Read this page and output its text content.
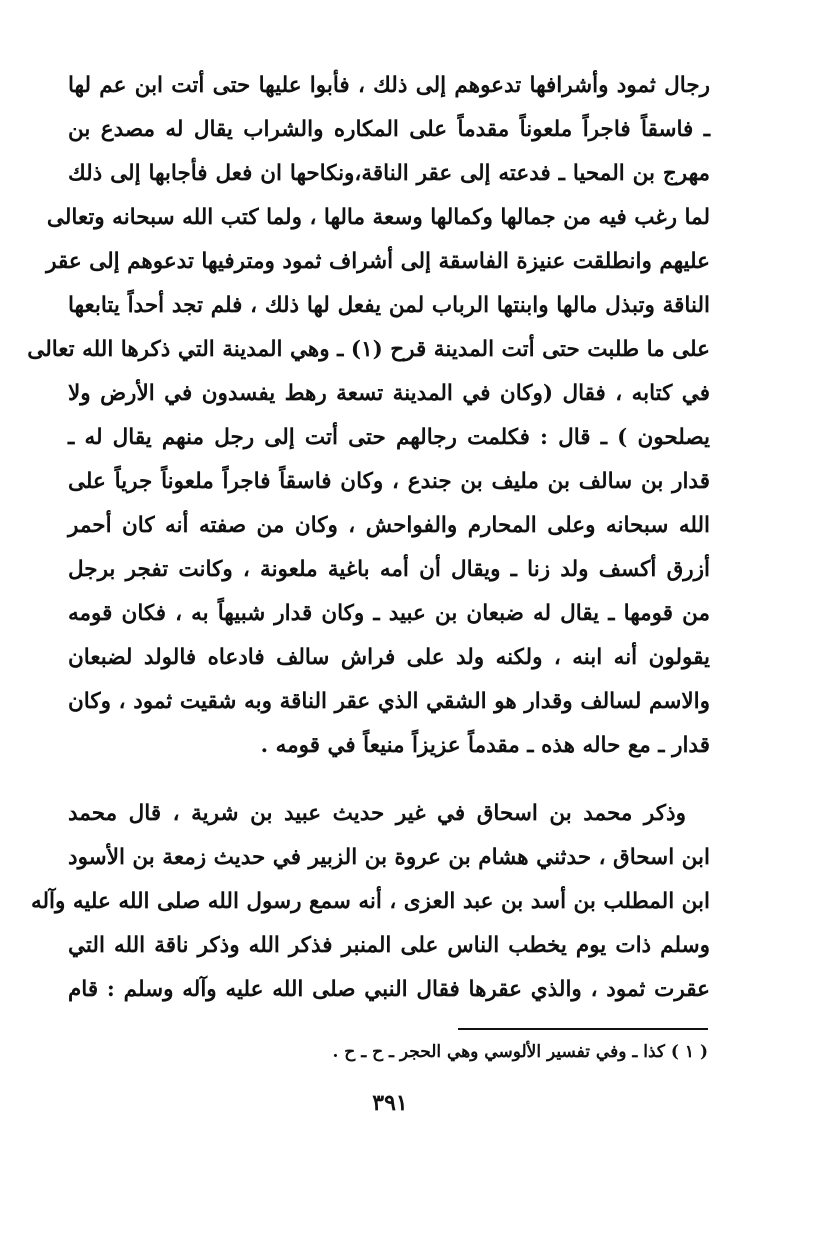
رجال ثمود وأشرافها تدعوهم إلى ذلك ، فأبوا عليها حتى أتت ابن عم لها
ـ فاسقاً فاجراً ملعوناً مقدماً على المكاره والشراب يقال له مصدع بن
مهرج بن المحيا ـ فدعته إلى عقر الناقة،ونكاحها ان فعل فأجابها إلى ذلك
لما رغب فيه من جمالها وكمالها وسعة مالها ، ولما كتب الله سبحانه وتعالى
عليهم وانطلقت عنيزة الفاسقة إلى أشراف ثمود ومترفيها تدعوهم إلى عقر
الناقة وتبذل مالها وابنتها الرباب لمن يفعل لها ذلك ، فلم تجد أحداً يتابعها
على ما طلبت حتى أتت المدينة قرح (١) ـ وهي المدينة التي ذكرها الله تعالى
في كتابه ، فقال (وكان في المدينة تسعة رهط يفسدون في الأرض ولا
يصلحون ) ـ قال : فكلمت رجالهم حتى أتت إلى رجل منهم يقال له ـ
قدار بن سالف بن مليف بن جندع ، وكان فاسقاً فاجراً ملعوناً جرياً على
الله سبحانه وعلى المحارم والفواحش ، وكان من صفته أنه كان أحمر
أزرق أكسف ولد زنا ـ ويقال أن أمه باغية ملعونة ، وكانت تفجر برجل
من قومها ـ يقال له ضبعان بن عبيد ـ وكان قدار شبيهاً به ، فكان قومه
يقولون أنه ابنه ، ولكنه ولد على فراش سالف فادعاه فالولد لضبعان
والاسم لسالف وقدار هو الشقي الذي عقر الناقة وبه شقيت ثمود ، وكان
قدار ـ مع حاله هذه ـ مقدماً عزيزاً منيعاً في قومه .
وذكر محمد بن اسحاق في غير حديث عبيد بن شرية ، قال محمد
ابن اسحاق ، حدثني هشام بن عروة بن الزبير في حديث زمعة بن الأسود
ابن المطلب بن أسد بن عبد العزى ، أنه سمع رسول الله صلى الله عليه وآله
وسلم ذات يوم يخطب الناس على المنبر فذكر الله وذكر ناقة الله التي
عقرت ثمود ، والذي عقرها فقال النبي صلى الله عليه وآله وسلم : قام
( ١ ) كذا ـ وفي تفسير الألوسي وهي الحجر ـ ح ـ ح .
٣٩١
